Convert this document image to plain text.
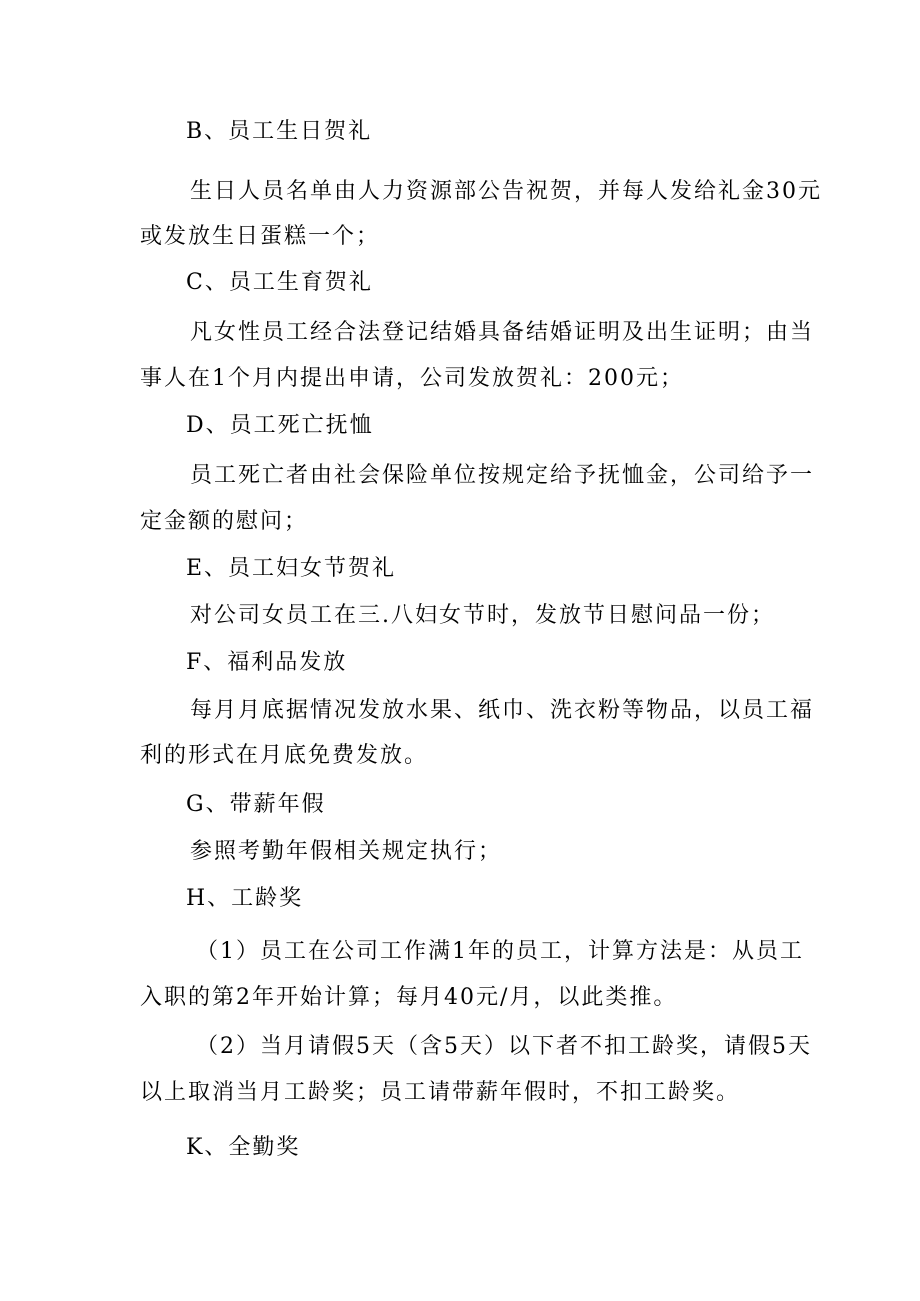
B、员工生日贺礼
生日人员名单由人力资源部公告祝贺，并每人发给礼金30元
或发放生日蛋糕一个；
C、员工生育贺礼
凡女性员工经合法登记结婚具备结婚证明及出生证明；由当
事人在1个月内提出申请，公司发放贺礼：200元；
D、员工死亡抚恤
员工死亡者由社会保险单位按规定给予抚恤金，公司给予一
定金额的慰问；
E、员工妇女节贺礼
对公司女员工在三.八妇女节时，发放节日慰问品一份；
F、福利品发放
每月月底据情况发放水果、纸巾、洗衣粉等物品，以员工福
利的形式在月底免费发放。
G、带薪年假
参照考勤年假相关规定执行；
H、工龄奖
（1）员工在公司工作满1年的员工，计算方法是：从员工
入职的第2年开始计算；每月40元/月，以此类推。
（2）当月请假5天（含5天）以下者不扣工龄奖，请假5天
以上取消当月工龄奖；员工请带薪年假时，不扣工龄奖。
K、全勤奖
